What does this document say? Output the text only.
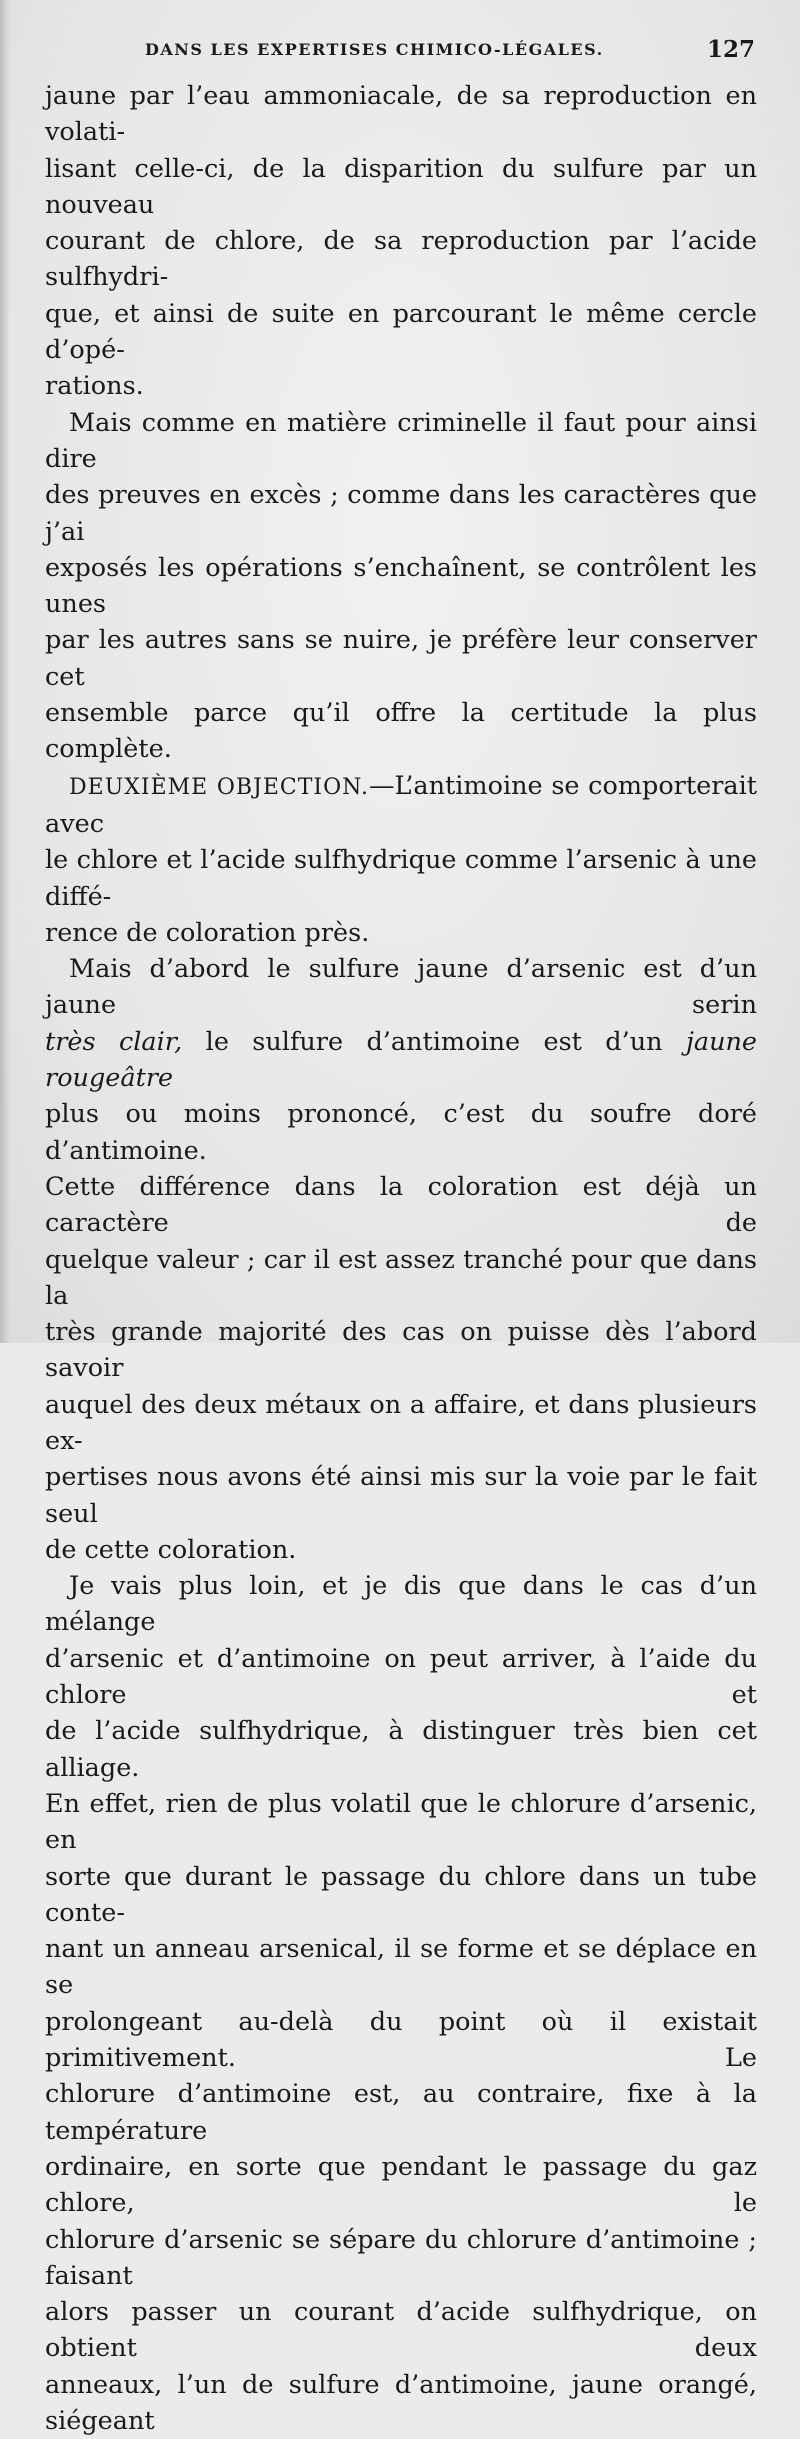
DANS LES EXPERTISES CHIMICO-LÉGALES.	127

jaune par l’eau ammoniacale, de sa reproduction en volati-

lisant celle-ci, de la disparition du sulfure par un nouveau

courant de chlore, de sa reproduction par l’acide sulfhydri-

que, et ainsi de suite en parcourant le même cercle d’opé-

rations.

Mais comme en matière criminelle il faut pour ainsi dire

des preuves en excès ; comme dans les caractères que j’ai

exposés les opérations s’enchaînent, se contrôlent les unes

par les autres sans se nuire, je préfère leur conserver cet

ensemble parce qu’il offre la certitude la plus complète.

DEUXIÈME OBJECTION.—L’antimoine se comporterait avec

le chlore et l’acide sulfhydrique comme l’arsenic à une diffé-

rence de coloration près.

Mais d’abord le sulfure jaune d’arsenic est d’un jaune serin

très clair, le sulfure d’antimoine est d’un jaune rougeâtre

plus ou moins prononcé, c’est du soufre doré d’antimoine.

Cette différence dans la coloration est déjà un caractère de

quelque valeur ; car il est assez tranché pour que dans la

très grande majorité des cas on puisse dès l’abord savoir

auquel des deux métaux on a affaire, et dans plusieurs ex-

pertises nous avons été ainsi mis sur la voie par le fait seul

de cette coloration.

Je vais plus loin, et je dis que dans le cas d’un mélange

d’arsenic et d’antimoine on peut arriver, à l’aide du chlore et

de l’acide sulfhydrique, à distinguer très bien cet alliage.

En effet, rien de plus volatil que le chlorure d’arsenic, en

sorte que durant le passage du chlore dans un tube conte-

nant un anneau arsenical, il se forme et se déplace en se

prolongeant au-delà du point où il existait primitivement. Le

chlorure d’antimoine est, au contraire, fixe à la température

ordinaire, en sorte que pendant le passage du gaz chlore, le

chlorure d’arsenic se sépare du chlorure d’antimoine ; faisant

alors passer un courant d’acide sulfhydrique, on obtient deux

anneaux, l’un de sulfure d’antimoine, jaune orangé, siégeant
